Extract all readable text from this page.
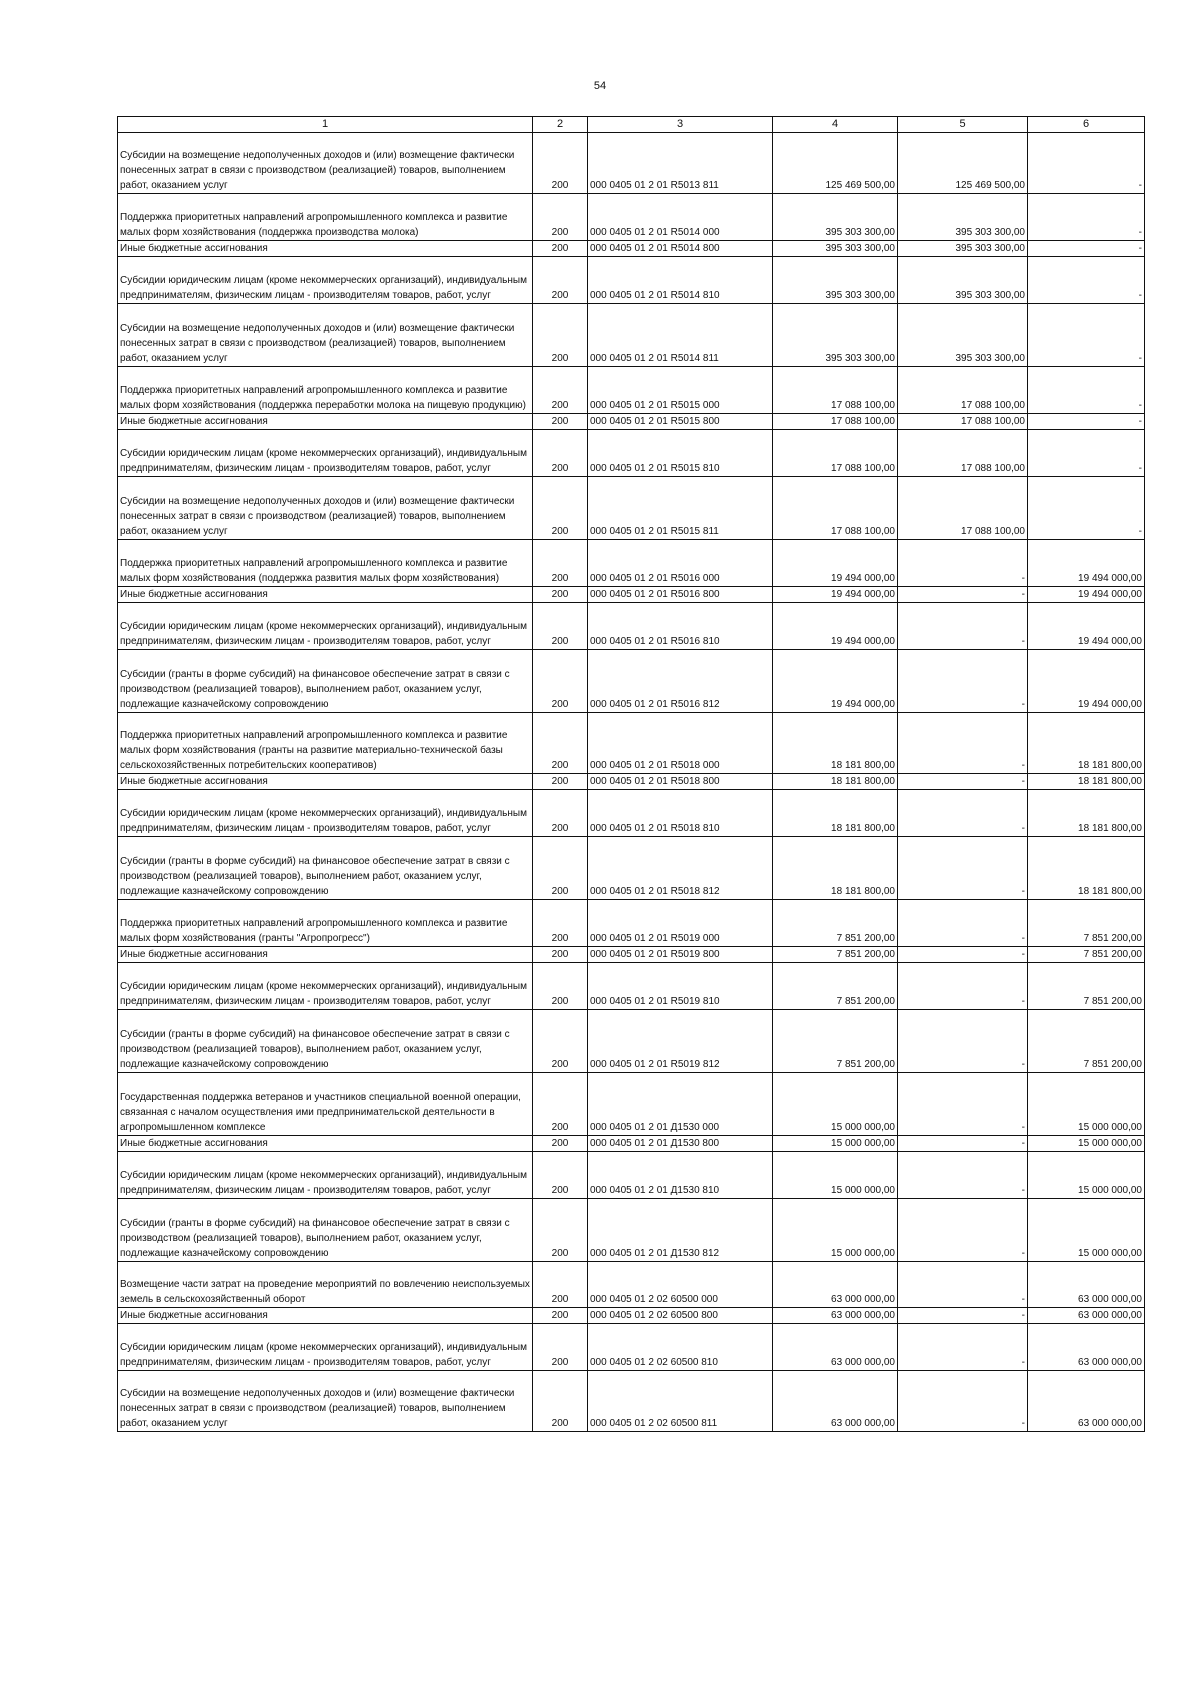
54
1	2	3	4	5	6

Субсидии на возмещение недополученных доходов и (или) возмещение фактически понесенных затрат в связи с производством (реализацией) товаров, выполнением работ, оказанием услуг	200	000 0405 01 2 01 R5013 811	125 469 500,00	125 469 500,00	-

Поддержка приоритетных направлений агропромышленного комплекса и развитие малых форм хозяйствования (поддержка производства молока)	200	000 0405 01 2 01 R5014 000	395 303 300,00	395 303 300,00	-

Иные бюджетные ассигнования	200	000 0405 01 2 01 R5014 800	395 303 300,00	395 303 300,00	-

Субсидии юридическим лицам (кроме некоммерческих организаций), индивидуальным предпринимателям, физическим лицам - производителям товаров, работ, услуг	200	000 0405 01 2 01 R5014 810	395 303 300,00	395 303 300,00	-

Субсидии на возмещение недополученных доходов и (или) возмещение фактически понесенных затрат в связи с производством (реализацией) товаров, выполнением работ, оказанием услуг	200	000 0405 01 2 01 R5014 811	395 303 300,00	395 303 300,00	-

Поддержка приоритетных направлений агропромышленного комплекса и развитие малых форм хозяйствования (поддержка переработки молока на пищевую продукцию)	200	000 0405 01 2 01 R5015 000	17 088 100,00	17 088 100,00	-

Иные бюджетные ассигнования	200	000 0405 01 2 01 R5015 800	17 088 100,00	17 088 100,00	-

Субсидии юридическим лицам (кроме некоммерческих организаций), индивидуальным предпринимателям, физическим лицам - производителям товаров, работ, услуг	200	000 0405 01 2 01 R5015 810	17 088 100,00	17 088 100,00	-

Субсидии на возмещение недополученных доходов и (или) возмещение фактически понесенных затрат в связи с производством (реализацией) товаров, выполнением работ, оказанием услуг	200	000 0405 01 2 01 R5015 811	17 088 100,00	17 088 100,00	-

Поддержка приоритетных направлений агропромышленного комплекса и развитие малых форм хозяйствования (поддержка развития малых форм хозяйствования)	200	000 0405 01 2 01 R5016 000	19 494 000,00	-	19 494 000,00

Иные бюджетные ассигнования	200	000 0405 01 2 01 R5016 800	19 494 000,00	-	19 494 000,00

Субсидии юридическим лицам (кроме некоммерческих организаций), индивидуальным предпринимателям, физическим лицам - производителям товаров, работ, услуг	200	000 0405 01 2 01 R5016 810	19 494 000,00	-	19 494 000,00

Субсидии (гранты в форме субсидий) на финансовое обеспечение затрат в связи с производством (реализацией товаров), выполнением работ, оказанием услуг, подлежащие казначейскому сопровождению	200	000 0405 01 2 01 R5016 812	19 494 000,00	-	19 494 000,00

Поддержка приоритетных направлений агропромышленного комплекса и развитие малых форм хозяйствования (гранты на развитие материально-технической базы сельскохозяйственных потребительских кооперативов)	200	000 0405 01 2 01 R5018 000	18 181 800,00	-	18 181 800,00

Иные бюджетные ассигнования	200	000 0405 01 2 01 R5018 800	18 181 800,00	-	18 181 800,00

Субсидии юридическим лицам (кроме некоммерческих организаций), индивидуальным предпринимателям, физическим лицам - производителям товаров, работ, услуг	200	000 0405 01 2 01 R5018 810	18 181 800,00	-	18 181 800,00

Субсидии (гранты в форме субсидий) на финансовое обеспечение затрат в связи с производством (реализацией товаров), выполнением работ, оказанием услуг, подлежащие казначейскому сопровождению	200	000 0405 01 2 01 R5018 812	18 181 800,00	-	18 181 800,00

Поддержка приоритетных направлений агропромышленного комплекса и развитие малых форм хозяйствования (гранты "Агропрогресс")	200	000 0405 01 2 01 R5019 000	7 851 200,00	-	7 851 200,00

Иные бюджетные ассигнования	200	000 0405 01 2 01 R5019 800	7 851 200,00	-	7 851 200,00

Субсидии юридическим лицам (кроме некоммерческих организаций), индивидуальным предпринимателям, физическим лицам - производителям товаров, работ, услуг	200	000 0405 01 2 01 R5019 810	7 851 200,00	-	7 851 200,00

Субсидии (гранты в форме субсидий) на финансовое обеспечение затрат в связи с производством (реализацией товаров), выполнением работ, оказанием услуг, подлежащие казначейскому сопровождению	200	000 0405 01 2 01 R5019 812	7 851 200,00	-	7 851 200,00

Государственная поддержка ветеранов и участников специальной военной операции, связанная с началом осуществления ими предпринимательской деятельности в агропромышленном комплексе	200	000 0405 01 2 01 Д1530 000	15 000 000,00	-	15 000 000,00

Иные бюджетные ассигнования	200	000 0405 01 2 01 Д1530 800	15 000 000,00	-	15 000 000,00

Субсидии юридическим лицам (кроме некоммерческих организаций), индивидуальным предпринимателям, физическим лицам - производителям товаров, работ, услуг	200	000 0405 01 2 01 Д1530 810	15 000 000,00	-	15 000 000,00

Субсидии (гранты в форме субсидий) на финансовое обеспечение затрат в связи с производством (реализацией товаров), выполнением работ, оказанием услуг, подлежащие казначейскому сопровождению	200	000 0405 01 2 01 Д1530 812	15 000 000,00	-	15 000 000,00

Возмещение части затрат на проведение мероприятий по вовлечению неиспользуемых земель в сельскохозяйственный оборот	200	000 0405 01 2 02 60500 000	63 000 000,00	-	63 000 000,00

Иные бюджетные ассигнования	200	000 0405 01 2 02 60500 800	63 000 000,00	-	63 000 000,00

Субсидии юридическим лицам (кроме некоммерческих организаций), индивидуальным предпринимателям, физическим лицам - производителям товаров, работ, услуг	200	000 0405 01 2 02 60500 810	63 000 000,00	-	63 000 000,00

Субсидии на возмещение недополученных доходов и (или) возмещение фактически понесенных затрат в связи с производством (реализацией) товаров, выполнением работ, оказанием услуг	200	000 0405 01 2 02 60500 811	63 000 000,00	-	63 000 000,00
